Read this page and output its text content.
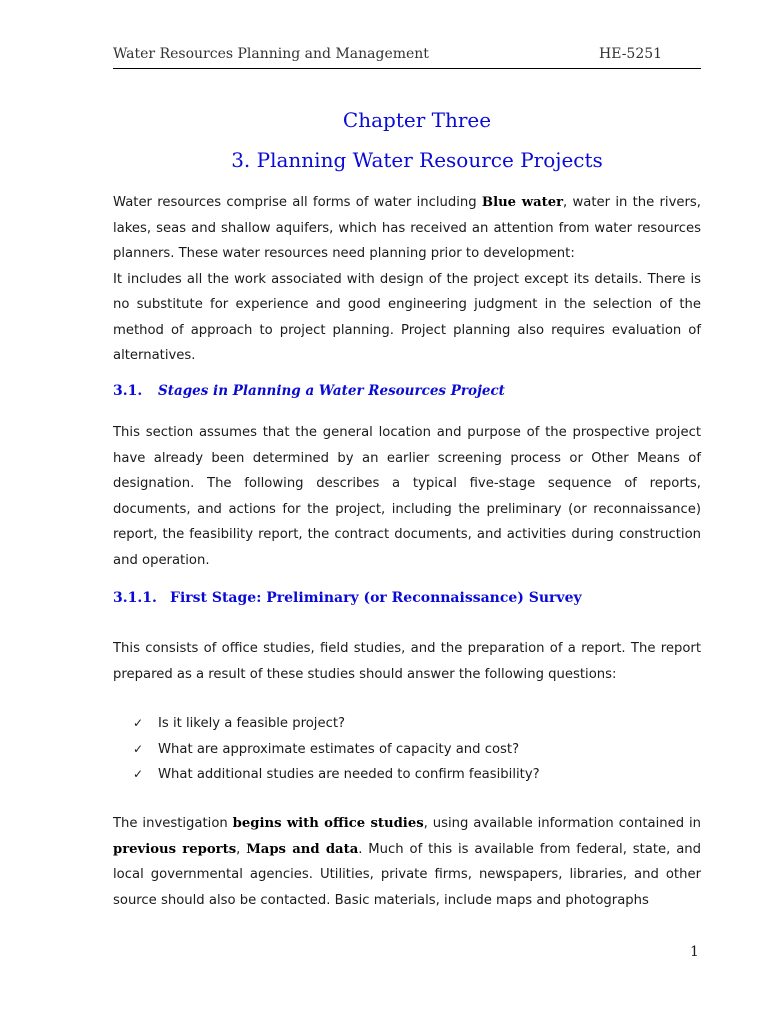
Water Resources Planning and Management	HE-5251
Chapter Three
3. Planning Water Resource Projects

Water resources comprise all forms of water including Blue water, water in the rivers, lakes, seas and shallow aquifers, which has received an attention from water resources planners. These water resources need planning prior to development:
It includes all the work associated with design of the project except its details. There is no substitute for experience and good engineering judgment in the selection of the method of approach to project planning. Project planning also requires evaluation of alternatives.

3.1. Stages in Planning a Water Resources Project

This section assumes that the general location and purpose of the prospective project have already been determined by an earlier screening process or Other Means of designation. The following describes a typical five-stage sequence of reports, documents, and actions for the project, including the preliminary (or reconnaissance) report, the feasibility report, the contract documents, and activities during construction and operation.

3.1.1. First Stage: Preliminary (or Reconnaissance) Survey

This consists of office studies, field studies, and the preparation of a report. The report prepared as a result of these studies should answer the following questions:

✓	Is it likely a feasible project?
✓	What are approximate estimates of capacity and cost?
✓	What additional studies are needed to confirm feasibility?

The investigation begins with office studies, using available information contained in previous reports, Maps and data. Much of this is available from federal, state, and local governmental agencies. Utilities, private firms, newspapers, libraries, and other source should also be contacted. Basic materials, include maps and photographs

1
